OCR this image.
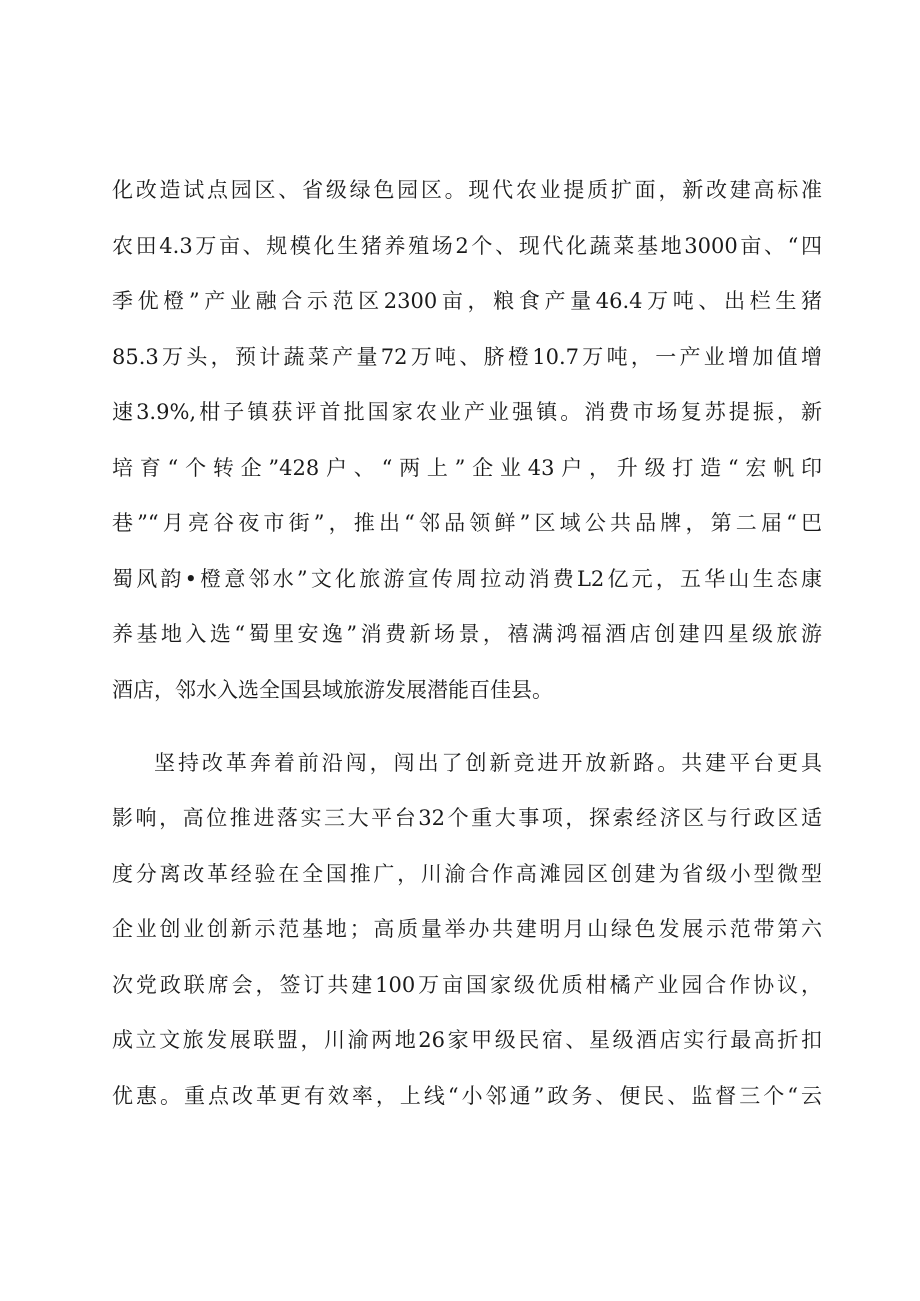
化改造试点园区、省级绿色园区。现代农业提质扩面，新改建高标准
农田4.3万亩、规模化生猪养殖场2个、现代化蔬菜基地3000亩、“四
季优橙”产业融合示范区2300亩，粮食产量46.4万吨、出栏生猪
85.3万头，预计蔬菜产量72万吨、脐橙10.7万吨，一产业增加值增
速3.9%,柑子镇获评首批国家农业产业强镇。消费市场复苏提振，新
培育“个转企”428户、“两上”企业43户，升级打造“宏帆印
巷”“月亮谷夜市街”，推出“邻品领鲜”区域公共品牌，第二届“巴
蜀风韵•橙意邻水”文化旅游宣传周拉动消费L2亿元，五华山生态康
养基地入选“蜀里安逸”消费新场景，禧满鸿福酒店创建四星级旅游
酒店，邻水入选全国县域旅游发展潜能百佳县。
坚持改革奔着前沿闯，闯出了创新竞进开放新路。共建平台更具
影响，高位推进落实三大平台32个重大事项，探索经济区与行政区适
度分离改革经验在全国推广，川渝合作高滩园区创建为省级小型微型
企业创业创新示范基地；高质量举办共建明月山绿色发展示范带第六
次党政联席会，签订共建100万亩国家级优质柑橘产业园合作协议，
成立文旅发展联盟，川渝两地26家甲级民宿、星级酒店实行最高折扣
优惠。重点改革更有效率，上线“小邻通”政务、便民、监督三个“云
